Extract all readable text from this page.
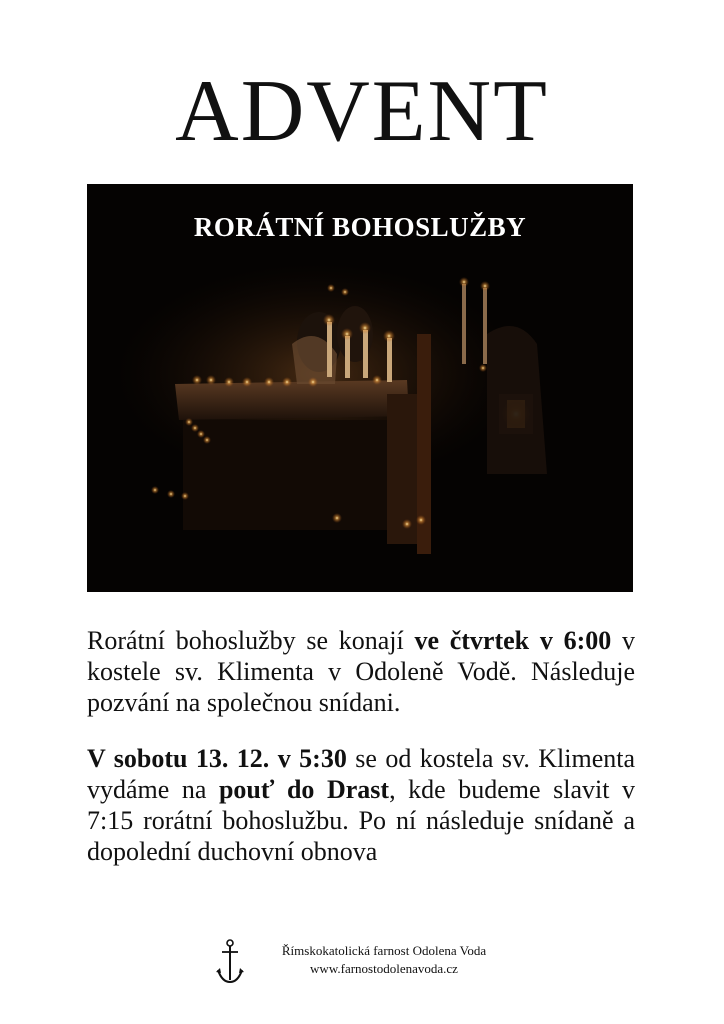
ADVENT
RORÁTNÍ BOHOSLUŽBY
Rorátní bohoslužby se konají ve čtvrtek v 6:00 v kostele sv. Klimenta v Odoleně Vodě. Následuje pozvání na společnou snídani.
V sobotu 13. 12. v 5:30 se od kostela sv. Klimenta vydáme na pouť do Drast, kde budeme slavit v 7:15 rorátní bohoslužbu. Po ní následuje snídaně a dopolední duchovní obnova
Římskokatolická farnost Odolena Voda
www.farnostodolenavoda.cz
